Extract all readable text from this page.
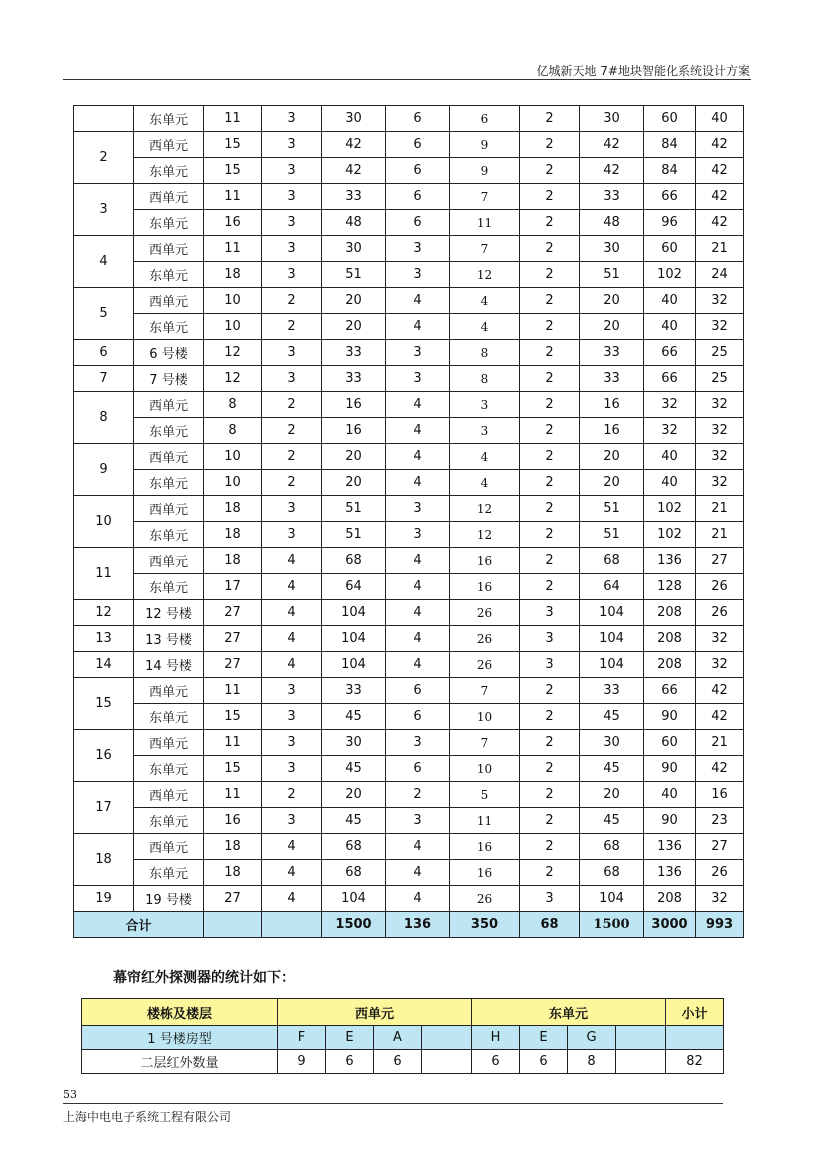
亿城新天地 7#地块智能化系统设计方案
	东单元	11	3	30	6	6	2	30	60	40
2	西单元	15	3	42	6	9	2	42	84	42
	东单元	15	3	42	6	9	2	42	84	42
3	西单元	11	3	33	6	7	2	33	66	42
	东单元	16	3	48	6	11	2	48	96	42
4	西单元	11	3	30	3	7	2	30	60	21
	东单元	18	3	51	3	12	2	51	102	24
5	西单元	10	2	20	4	4	2	20	40	32
	东单元	10	2	20	4	4	2	20	40	32
6	6 号楼	12	3	33	3	8	2	33	66	25
7	7 号楼	12	3	33	3	8	2	33	66	25
8	西单元	8	2	16	4	3	2	16	32	32
	东单元	8	2	16	4	3	2	16	32	32
9	西单元	10	2	20	4	4	2	20	40	32
	东单元	10	2	20	4	4	2	20	40	32
10	西单元	18	3	51	3	12	2	51	102	21
	东单元	18	3	51	3	12	2	51	102	21
11	西单元	18	4	68	4	16	2	68	136	27
	东单元	17	4	64	4	16	2	64	128	26
12	12 号楼	27	4	104	4	26	3	104	208	26
13	13 号楼	27	4	104	4	26	3	104	208	32
14	14 号楼	27	4	104	4	26	3	104	208	32
15	西单元	11	3	33	6	7	2	33	66	42
	东单元	15	3	45	6	10	2	45	90	42
16	西单元	11	3	30	3	7	2	30	60	21
	东单元	15	3	45	6	10	2	45	90	42
17	西单元	11	2	20	2	5	2	20	40	16
	东单元	16	3	45	3	11	2	45	90	23
18	西单元	18	4	68	4	16	2	68	136	27
	东单元	18	4	68	4	16	2	68	136	26
19	19 号楼	27	4	104	4	26	3	104	208	32
合计				1500	136	350	68	1500	3000	993
幕帘红外探测器的统计如下：
楼栋及楼层	西单元				东单元				小计
1 号楼房型	F	E	A		H	E	G		
二层红外数量	9	6	6		6	6	8		82
53
上海中电电子系统工程有限公司
